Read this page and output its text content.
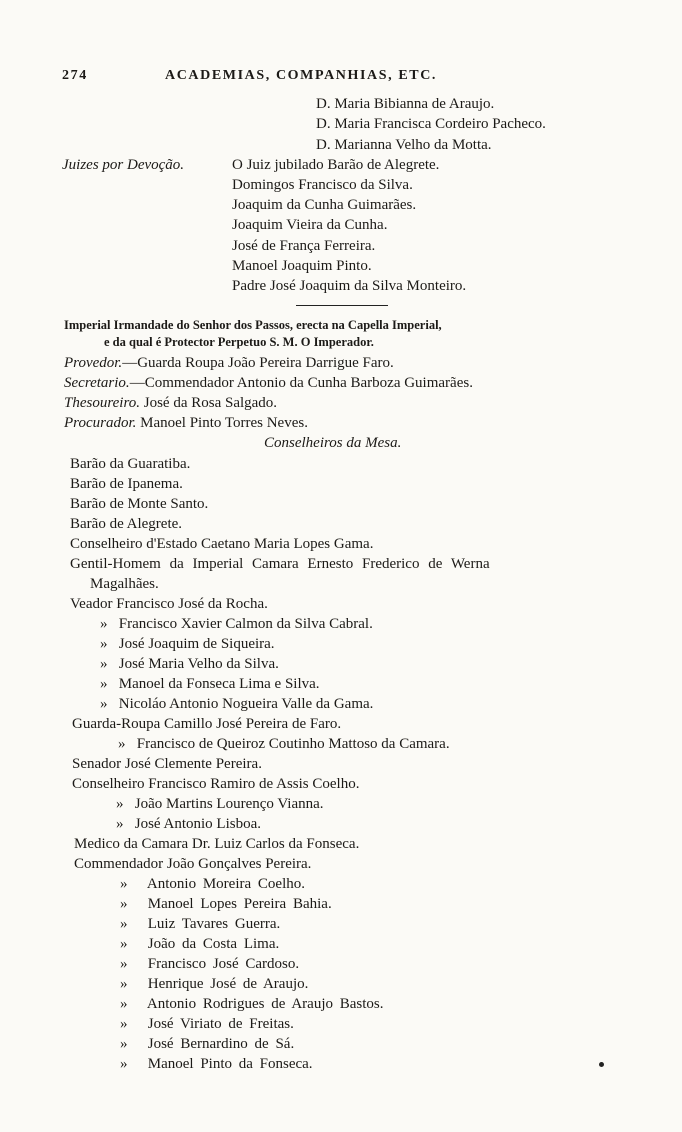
274	ACADEMIAS, COMPANHIAS, ETC.
D. Maria Bibianna de Araujo.
D. Maria Francisca Cordeiro Pacheco.
D. Marianna Velho da Motta.
Juizes por Devoção.	O Juiz jubilado Barão de Alegrete.
Domingos Francisco da Silva.
Joaquim da Cunha Guimarães.
Joaquim Vieira da Cunha.
José de França Ferreira.
Manoel Joaquim Pinto.
Padre José Joaquim da Silva Monteiro.
Imperial Irmandade do Senhor dos Passos, erecta na Capella Imperial,
e da qual é Protector Perpetuo S. M. O Imperador.
Provedor.—Guarda Roupa João Pereira Darrigue Faro.
Secretario.—Commendador Antonio da Cunha Barboza Guimarães.
Thesoureiro. José da Rosa Salgado.
Procurador. Manoel Pinto Torres Neves.
Conselheiros da Mesa.
Barão da Guaratiba.
Barão de Ipanema.
Barão de Monte Santo.
Barão de Alegrete.
Conselheiro d'Estado Caetano Maria Lopes Gama.
Gentil-Homem da Imperial Camara Ernesto Frederico de Werna
Magalhães.
Veador Francisco José da Rocha.
»   Francisco Xavier Calmon da Silva Cabral.
»   José Joaquim de Siqueira.
»   José Maria Velho da Silva.
»   Manoel da Fonseca Lima e Silva.
»   Nicoláo Antonio Nogueira Valle da Gama.
Guarda-Roupa Camillo José Pereira de Faro.
»   Francisco de Queiroz Coutinho Mattoso da Camara.
Senador José Clemente Pereira.
Conselheiro Francisco Ramiro de Assis Coelho.
»   João Martins Lourenço Vianna.
»   José Antonio Lisboa.
Medico da Camara Dr. Luiz Carlos da Fonseca.
Commendador João Gonçalves Pereira.
»   Antonio Moreira Coelho.
»   Manoel Lopes Pereira Bahia.
»   Luiz Tavares Guerra.
»   João da Costa Lima.
»   Francisco José Cardoso.
»   Henrique José de Araujo.
»   Antonio Rodrigues de Araujo Bastos.
»   José Viriato de Freitas.
»   José Bernardino de Sá.
»   Manoel Pinto da Fonseca.
